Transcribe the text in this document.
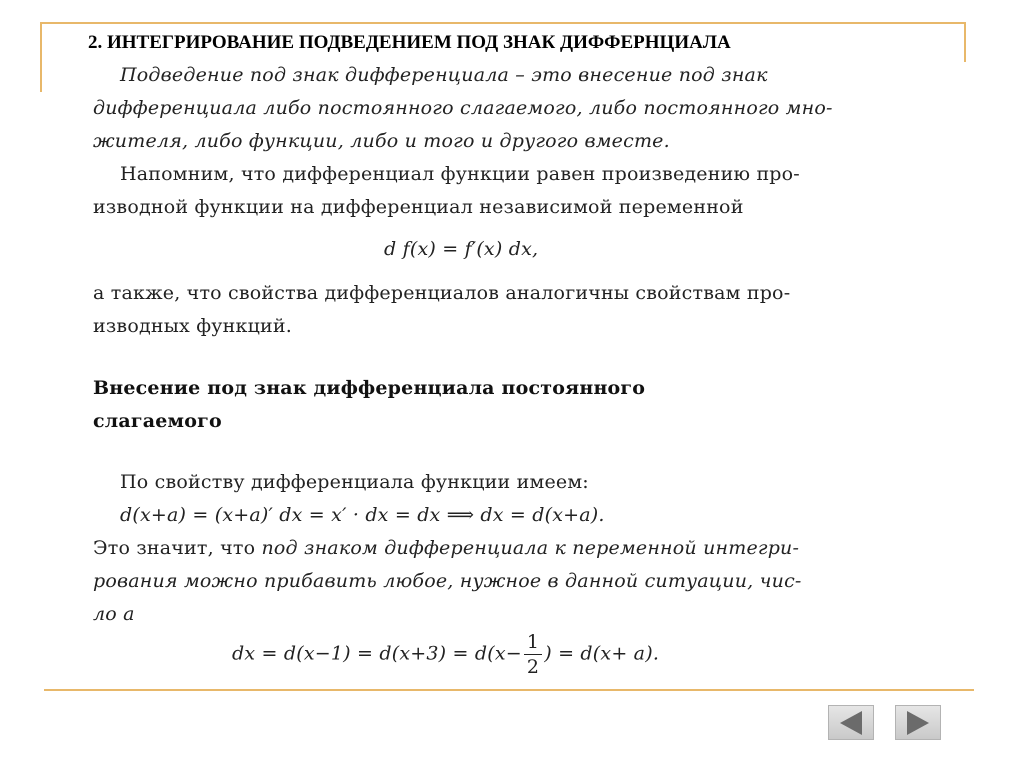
2. ИНТЕГРИРОВАНИЕ ПОДВЕДЕНИЕМ ПОД ЗНАК ДИФФЕРНЦИАЛА
Подведение под знак дифференциала – это внесение под знак
дифференциала либо постоянного слагаемого, либо постоянного мно-
жителя, либо функции, либо и того и другого вместе.
Напомним, что дифференциал функции равен произведению про-
изводной функции на дифференциал независимой переменной
d f(x) = f′(x) dx,
а также, что свойства дифференциалов аналогичны свойствам про-
изводных функций.
Внесение под знак дифференциала постоянного
слагаемого
По свойству дифференциала функции имеем:
d(x+a) = (x+a)′ dx = x′ · dx = dx ⟹ dx = d(x+a).
Это значит, что под знаком дифференциала к переменной интегри-
рования можно прибавить любое, нужное в данной ситуации, чис-
ло a
dx = $d(x-1) = d(x+3) = d(x- \frac{1}{2}$ ) = d(x+ a).
